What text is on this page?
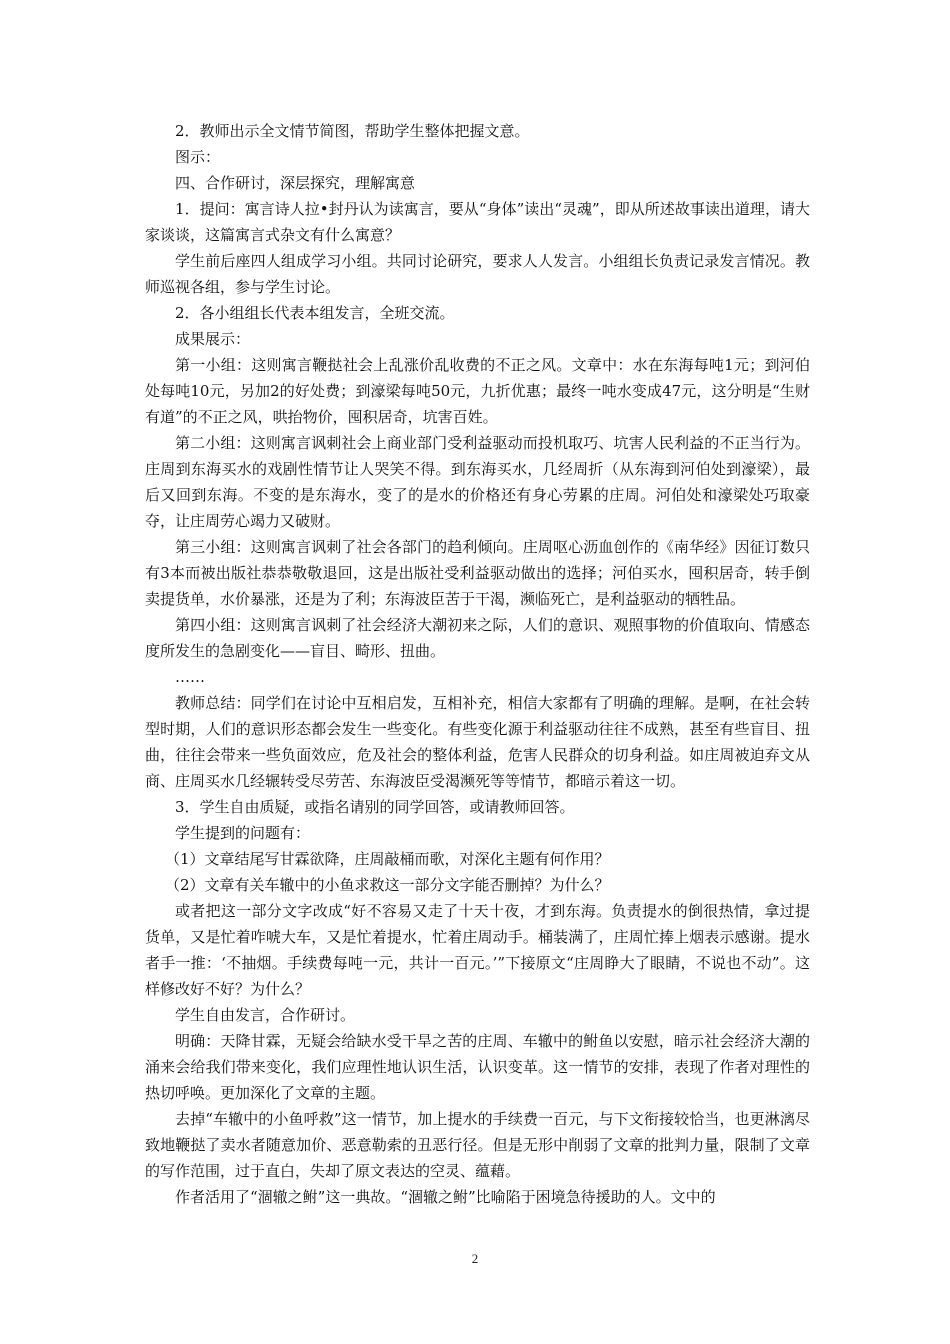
2．教师出示全文情节简图，帮助学生整体把握文意。

图示：

四、合作研讨，深层探究，理解寓意

1．提问：寓言诗人拉•封丹认为读寓言，要从“身体”读出“灵魂”，即从所述故事读出道理，请大家谈谈，这篇寓言式杂文有什么寓意？

学生前后座四人组成学习小组。共同讨论研究，要求人人发言。小组组长负责记录发言情况。教师巡视各组，参与学生讨论。

2．各小组组长代表本组发言，全班交流。

成果展示：

第一小组：这则寓言鞭挞社会上乱涨价乱收费的不正之风。文章中：水在东海每吨1元；到河伯处每吨10元，另加2的好处费；到濠梁每吨50元，九折优惠；最终一吨水变成47元，这分明是“生财有道”的不正之风，哄抬物价，囤积居奇，坑害百姓。

第二小组：这则寓言讽刺社会上商业部门受利益驱动而投机取巧、坑害人民利益的不正当行为。庄周到东海买水的戏剧性情节让人哭笑不得。到东海买水，几经周折（从东海到河伯处到濠梁），最后又回到东海。不变的是东海水，变了的是水的价格还有身心劳累的庄周。河伯处和濠梁处巧取豪夺，让庄周劳心竭力又破财。

第三小组：这则寓言讽刺了社会各部门的趋利倾向。庄周呕心沥血创作的《南华经》因征订数只有3本而被出版社恭恭敬敬退回，这是出版社受利益驱动做出的选择；河伯买水，囤积居奇，转手倒卖提货单，水价暴涨，还是为了利；东海波臣苦于干渴，濒临死亡，是利益驱动的牺牲品。

第四小组：这则寓言讽刺了社会经济大潮初来之际，人们的意识、观照事物的价值取向、情感态度所发生的急剧变化——盲目、畸形、扭曲。

……

教师总结：同学们在讨论中互相启发，互相补充，相信大家都有了明确的理解。是啊，在社会转型时期，人们的意识形态都会发生一些变化。有些变化源于利益驱动往往不成熟，甚至有些盲目、扭曲，往往会带来一些负面效应，危及社会的整体利益，危害人民群众的切身利益。如庄周被迫弃文从商、庄周买水几经辗转受尽劳苦、东海波臣受渴濒死等等情节，都暗示着这一切。

3．学生自由质疑，或指名请别的同学回答，或请教师回答。

学生提到的问题有：

（1）文章结尾写甘霖欲降，庄周敲桶而歌，对深化主题有何作用？

（2）文章有关车辙中的小鱼求救这一部分文字能否删掉？为什么？

或者把这一部分文字改成“好不容易又走了十天十夜，才到东海。负责提水的倒很热情，拿过提货单，又是忙着咋唬大车，又是忙着提水，忙着庄周动手。桶装满了，庄周忙捧上烟表示感谢。提水者手一推：‘不抽烟。手续费每吨一元，共计一百元。’”下接原文“庄周睁大了眼睛，不说也不动”。这样修改好不好？为什么？

学生自由发言，合作研讨。

明确：天降甘霖，无疑会给缺水受干旱之苦的庄周、车辙中的鲋鱼以安慰，暗示社会经济大潮的涌来会给我们带来变化，我们应理性地认识生活，认识变革。这一情节的安排，表现了作者对理性的热切呼唤。更加深化了文章的主题。

去掉“车辙中的小鱼呼救”这一情节，加上提水的手续费一百元，与下文衔接较恰当，也更淋漓尽致地鞭挞了卖水者随意加价、恶意勒索的丑恶行径。但是无形中削弱了文章的批判力量，限制了文章的写作范围，过于直白，失却了原文表达的空灵、蕴藉。

作者活用了“涸辙之鲋”这一典故。“涸辙之鲋”比喻陷于困境急待援助的人。文中的

2
